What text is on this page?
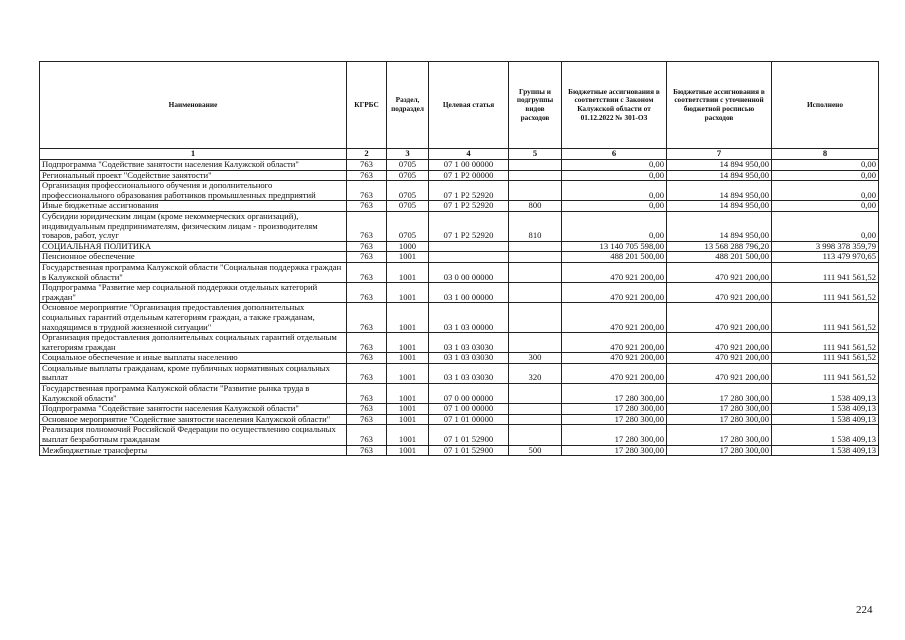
Наименование	КГРБС	Раздел, подраздел	Целевая статья	Группы и подгруппы видов расходов	Бюджетные ассигнования в соответствии с Законом Калужской области от 01.12.2022 № 301-ОЗ	Бюджетные ассигнования в соответствии с уточненной бюджетной росписью расходов	Исполнено
1	2	3	4	5	6	7	8
Подпрограмма "Содействие занятости населения Калужской области"	763	0705	07 1 00 00000		0,00	14 894 950,00	0,00
Региональный проект "Содействие занятости"	763	0705	07 1 P2 00000		0,00	14 894 950,00	0,00
Организация профессионального обучения и дополнительного профессионального образования работников промышленных предприятий	763	0705	07 1 P2 52920		0,00	14 894 950,00	0,00
Иные бюджетные ассигнования	763	0705	07 1 P2 52920	800	0,00	14 894 950,00	0,00
Субсидии юридическим лицам (кроме некоммерческих организаций), индивидуальным предпринимателям, физическим лицам - производителям товаров, работ, услуг	763	0705	07 1 P2 52920	810	0,00	14 894 950,00	0,00
СОЦИАЛЬНАЯ ПОЛИТИКА	763	1000			13 140 705 598,00	13 568 288 796,20	3 998 378 359,79
Пенсионное обеспечение	763	1001			488 201 500,00	488 201 500,00	113 479 970,65
Государственная программа Калужской области "Социальная поддержка граждан в Калужской области"	763	1001	03 0 00 00000		470 921 200,00	470 921 200,00	111 941 561,52
Подпрограмма "Развитие мер социальной поддержки отдельных категорий граждан"	763	1001	03 1 00 00000		470 921 200,00	470 921 200,00	111 941 561,52
Основное мероприятие "Организация предоставления дополнительных социальных гарантий отдельным категориям граждан, а также гражданам, находящимся в трудной жизненной ситуации"	763	1001	03 1 03 00000		470 921 200,00	470 921 200,00	111 941 561,52
Организация предоставления дополнительных социальных гарантий отдельным категориям граждан	763	1001	03 1 03 03030		470 921 200,00	470 921 200,00	111 941 561,52
Социальное обеспечение и иные выплаты населению	763	1001	03 1 03 03030	300	470 921 200,00	470 921 200,00	111 941 561,52
Социальные выплаты гражданам, кроме публичных нормативных социальных выплат	763	1001	03 1 03 03030	320	470 921 200,00	470 921 200,00	111 941 561,52
Государственная программа Калужской области "Развитие рынка труда в Калужской области"	763	1001	07 0 00 00000		17 280 300,00	17 280 300,00	1 538 409,13
Подпрограмма "Содействие занятости населения Калужской области"	763	1001	07 1 00 00000		17 280 300,00	17 280 300,00	1 538 409,13
Основное мероприятие "Содействие занятости населения Калужской области"	763	1001	07 1 01 00000		17 280 300,00	17 280 300,00	1 538 409,13
Реализация полномочий Российской Федерации по осуществлению социальных выплат безработным гражданам	763	1001	07 1 01 52900		17 280 300,00	17 280 300,00	1 538 409,13
Межбюджетные трансферты	763	1001	07 1 01 52900	500	17 280 300,00	17 280 300,00	1 538 409,13
224
